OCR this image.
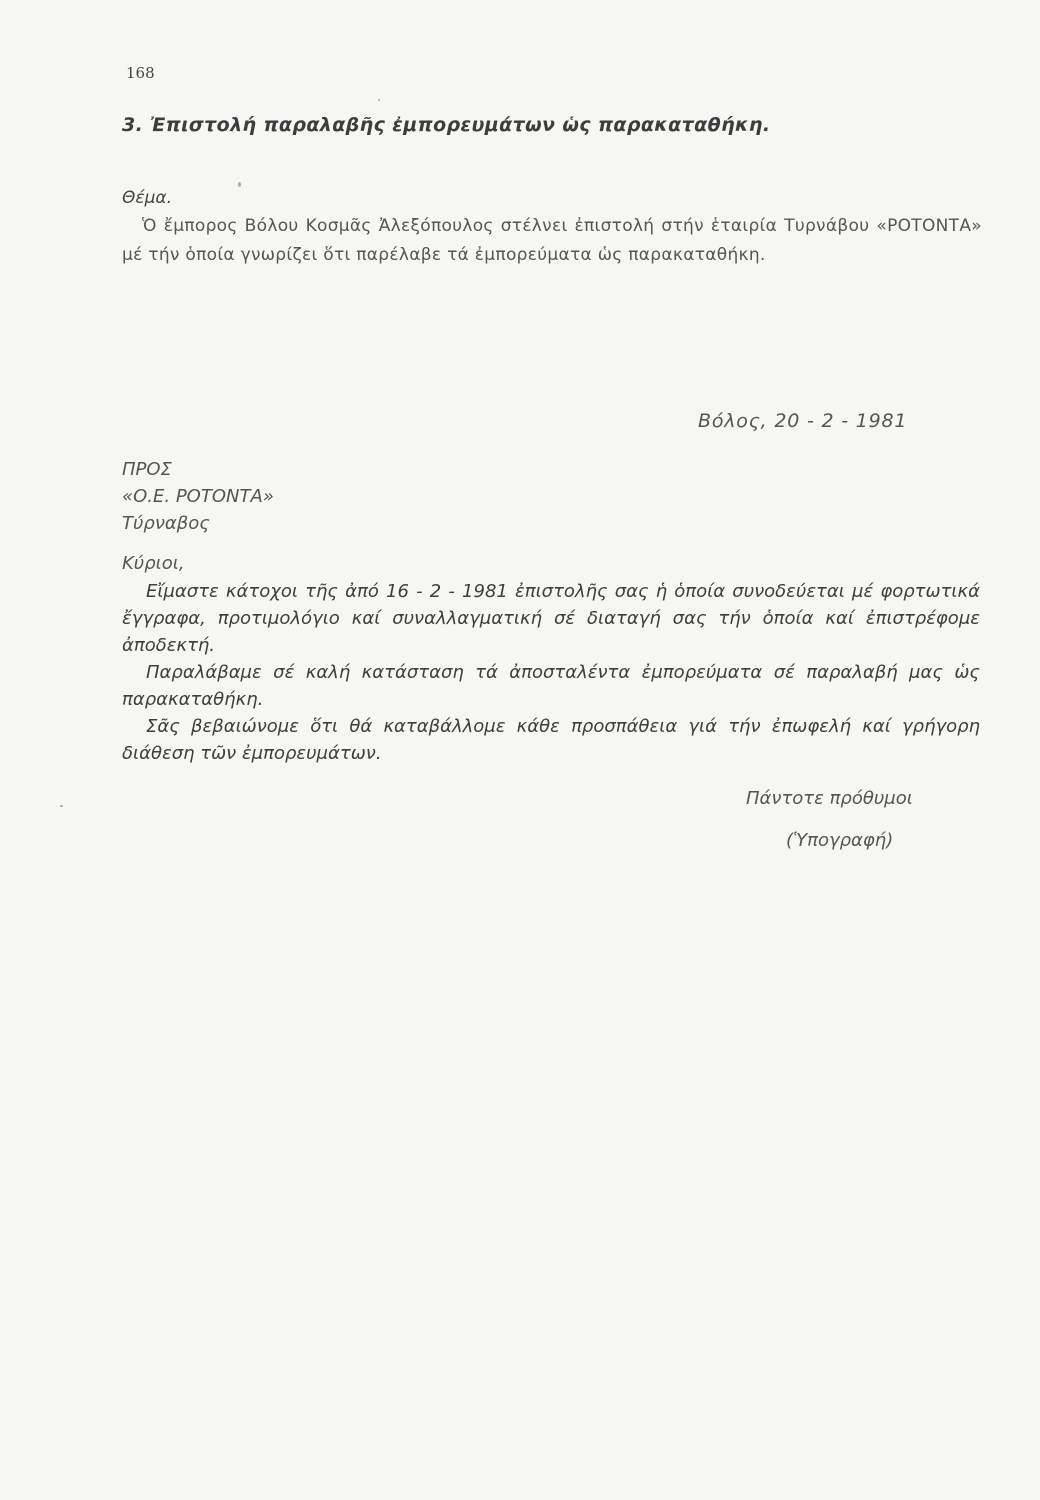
168
3. Ἐπιστολή παραλαβῆς ἐμπορευμάτων ὡς παρακαταθήκη.
Θέμα.
Ὁ ἔμπορος Βόλου Κοσμᾶς Ἀλεξόπουλος στέλνει ἐπιστολή στήν ἑταιρία Τυρνάβου «ΡΟΤΟΝΤΑ» μέ τήν ὁποία γνωρίζει ὅτι παρέλαβε τά ἐμπορεύματα ὡς παρακαταθήκη.
Βόλος, 20 - 2 - 1981
ΠΡΟΣ
«Ο.Ε. ΡΟΤΟΝΤΑ»
Τύρναβος
Κύριοι,

Εἴμαστε κάτοχοι τῆς ἀπό 16 - 2 - 1981 ἐπιστολῆς σας ἡ ὁποία συνοδεύεται μέ φορτωτικά ἔγγραφα, προτιμολόγιο καί συναλλαγματική σέ διαταγή σας τήν ὁποία καί ἐπιστρέφομε ἀποδεκτή.

Παραλάβαμε σέ καλή κατάσταση τά ἀποσταλέντα ἐμπορεύματα σέ παραλαβή μας ὡς παρακαταθήκη.

Σᾶς βεβαιώνομε ὅτι θά καταβάλλομε κάθε προσπάθεια γιά τήν ἐπωφελή καί γρήγορη διάθεση τῶν ἐμπορευμάτων.

Πάντοτε πρόθυμοι
(Ὑπογραφή)
